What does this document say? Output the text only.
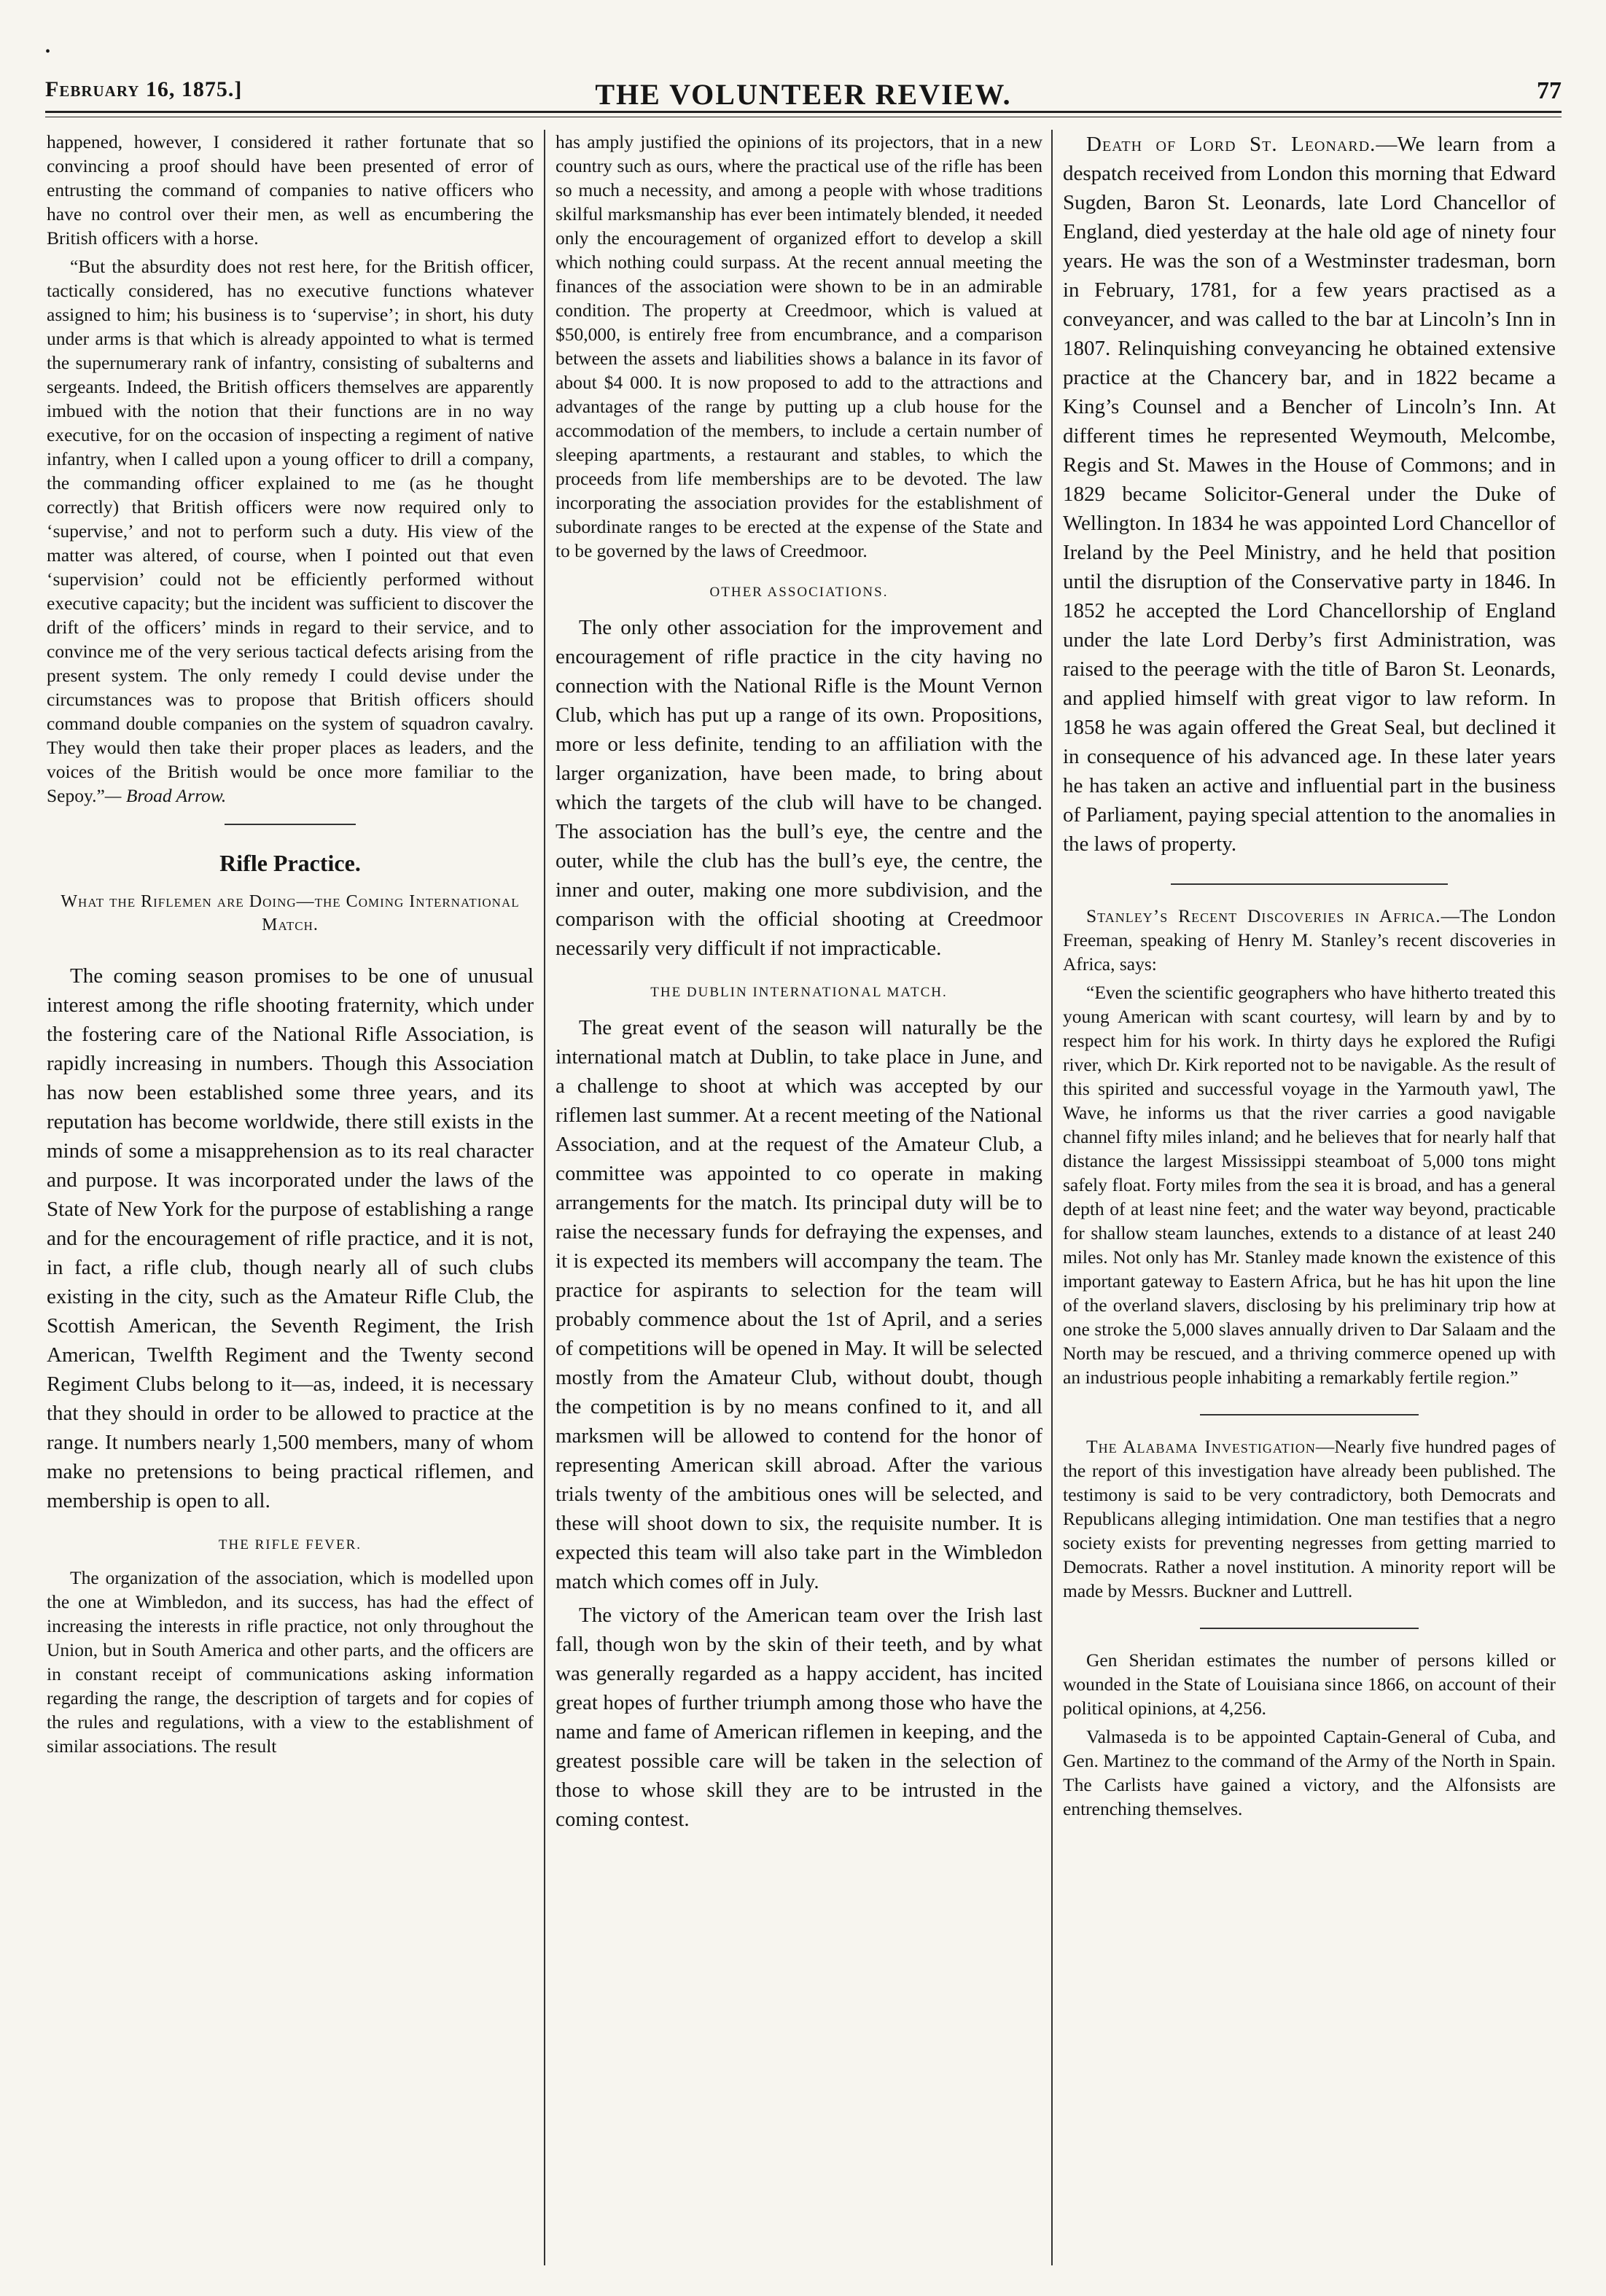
•
February 16, 1875.]	THE VOLUNTEER REVIEW.	77

happened, however, I considered it rather fortunate that so convincing a proof should have been presented of error of entrusting the command of companies to native officers who have no control over their men, as well as encumbering the British officers with a horse.

“But the absurdity does not rest here, for the British officer, tactically considered, has no executive functions whatever assigned to him; his business is to ‘supervise’; in short, his duty under arms is that which is already appointed to what is termed the supernumerary rank of infantry, consisting of subalterns and sergeants. Indeed, the British officers themselves are apparently imbued with the notion that their functions are in no way executive, for on the occasion of inspecting a regiment of native infantry, when I called upon a young officer to drill a company, the commanding officer explained to me (as he thought correctly) that British officers were now required only to ‘supervise,’ and not to perform such a duty. His view of the matter was altered, of course, when I pointed out that even ‘supervision’ could not be efficiently performed without executive capacity; but the incident was sufficient to discover the drift of the officers’ minds in regard to their service, and to convince me of the very serious tactical defects arising from the present system. The only remedy I could devise under the circumstances was to propose that British officers should command double companies on the system of squadron cavalry. They would then take their proper places as leaders, and the voices of the British would be once more familiar to the Sepoy.”— Broad Arrow.

Rifle Practice.
What the Riflemen are Doing—the Coming International Match.

The coming season promises to be one of unusual interest among the rifle shooting fraternity, which under the fostering care of the National Rifle Association, is rapidly increasing in numbers. Though this Association has now been established some three years, and its reputation has become worldwide, there still exists in the minds of some a misapprehension as to its real character and purpose. It was incorporated under the laws of the State of New York for the purpose of establishing a range and for the encouragement of rifle practice, and it is not, in fact, a rifle club, though nearly all of such clubs existing in the city, such as the Amateur Rifle Club, the Scottish American, the Seventh Regiment, the Irish American, Twelfth Regiment and the Twenty second Regiment Clubs belong to it—as, indeed, it is necessary that they should in order to be allowed to practice at the range. It numbers nearly 1,500 members, many of whom make no pretensions to being practical riflemen, and membership is open to all.

THE RIFLE FEVER.

The organization of the association, which is modelled upon the one at Wimbledon, and its success, has had the effect of increasing the interests in rifle practice, not only throughout the Union, but in South America and other parts, and the officers are in constant receipt of communications asking information regarding the range, the description of targets and for copies of the rules and regulations, with a view to the establishment of similar associations. The result

has amply justified the opinions of its projectors, that in a new country such as ours, where the practical use of the rifle has been so much a necessity, and among a people with whose traditions skilful marksmanship has ever been intimately blended, it needed only the encouragement of organized effort to develop a skill which nothing could surpass. At the recent annual meeting the finances of the association were shown to be in an admirable condition. The property at Creedmoor, which is valued at $50,000, is entirely free from encumbrance, and a comparison between the assets and liabilities shows a balance in its favor of about $4 000. It is now proposed to add to the attractions and advantages of the range by putting up a club house for the accommodation of the members, to include a certain number of sleeping apartments, a restaurant and stables, to which the proceeds from life memberships are to be devoted. The law incorporating the association provides for the establishment of subordinate ranges to be erected at the expense of the State and to be governed by the laws of Creedmoor.

OTHER ASSOCIATIONS.

The only other association for the improvement and encouragement of rifle practice in the city having no connection with the National Rifle is the Mount Vernon Club, which has put up a range of its own. Propositions, more or less definite, tending to an affiliation with the larger organization, have been made, to bring about which the targets of the club will have to be changed. The association has the bull’s eye, the centre and the outer, while the club has the bull’s eye, the centre, the inner and outer, making one more subdivision, and the comparison with the official shooting at Creedmoor necessarily very difficult if not impracticable.

THE DUBLIN INTERNATIONAL MATCH.

The great event of the season will naturally be the international match at Dublin, to take place in June, and a challenge to shoot at which was accepted by our riflemen last summer. At a recent meeting of the National Association, and at the request of the Amateur Club, a committee was appointed to co operate in making arrangements for the match. Its principal duty will be to raise the necessary funds for defraying the expenses, and it is expected its members will accompany the team. The practice for aspirants to selection for the team will probably commence about the 1st of April, and a series of competitions will be opened in May. It will be selected mostly from the Amateur Club, without doubt, though the competition is by no means confined to it, and all marksmen will be allowed to contend for the honor of representing American skill abroad. After the various trials twenty of the ambitious ones will be selected, and these will shoot down to six, the requisite number. It is expected this team will also take part in the Wimbledon match which comes off in July.

The victory of the American team over the Irish last fall, though won by the skin of their teeth, and by what was generally regarded as a happy accident, has incited great hopes of further triumph among those who have the name and fame of American riflemen in keeping, and the greatest possible care will be taken in the selection of those to whose skill they are to be intrusted in the coming contest.

Death of Lord St. Leonard.—We learn from a despatch received from London this morning that Edward Sugden, Baron St. Leonards, late Lord Chancellor of England, died yesterday at the hale old age of ninety four years. He was the son of a Westminster tradesman, born in February, 1781, for a few years practised as a conveyancer, and was called to the bar at Lincoln’s Inn in 1807. Relinquishing conveyancing he obtained extensive practice at the Chancery bar, and in 1822 became a King’s Counsel and a Bencher of Lincoln’s Inn. At different times he represented Weymouth, Melcombe, Regis and St. Mawes in the House of Commons; and in 1829 became Solicitor-General under the Duke of Wellington. In 1834 he was appointed Lord Chancellor of Ireland by the Peel Ministry, and he held that position until the disruption of the Conservative party in 1846. In 1852 he accepted the Lord Chancellorship of England under the late Lord Derby’s first Administration, was raised to the peerage with the title of Baron St. Leonards, and applied himself with great vigor to law reform. In 1858 he was again offered the Great Seal, but declined it in consequence of his advanced age. In these later years he has taken an active and influential part in the business of Parliament, paying special attention to the anomalies in the laws of property.

Stanley’s Recent Discoveries in Africa.—The London Freeman, speaking of Henry M. Stanley’s recent discoveries in Africa, says:

“Even the scientific geographers who have hitherto treated this young American with scant courtesy, will learn by and by to respect him for his work. In thirty days he explored the Rufigi river, which Dr. Kirk reported not to be navigable. As the result of this spirited and successful voyage in the Yarmouth yawl, The Wave, he informs us that the river carries a good navigable channel fifty miles inland; and he believes that for nearly half that distance the largest Mississippi steamboat of 5,000 tons might safely float. Forty miles from the sea it is broad, and has a general depth of at least nine feet; and the water way beyond, practicable for shallow steam launches, extends to a distance of at least 240 miles. Not only has Mr. Stanley made known the existence of this important gateway to Eastern Africa, but he has hit upon the line of the overland slavers, disclosing by his preliminary trip how at one stroke the 5,000 slaves annually driven to Dar Salaam and the North may be rescued, and a thriving commerce opened up with an industrious people inhabiting a remarkably fertile region.”

The Alabama Investigation—Nearly five hundred pages of the report of this investigation have already been published. The testimony is said to be very contradictory, both Democrats and Republicans alleging intimidation. One man testifies that a negro society exists for preventing negresses from getting married to Democrats. Rather a novel institution. A minority report will be made by Messrs. Buckner and Luttrell.

Gen Sheridan estimates the number of persons killed or wounded in the State of Louisiana since 1866, on account of their political opinions, at 4,256.

Valmaseda is to be appointed Captain-General of Cuba, and Gen. Martinez to the command of the Army of the North in Spain. The Carlists have gained a victory, and the Alfonsists are entrenching themselves.
